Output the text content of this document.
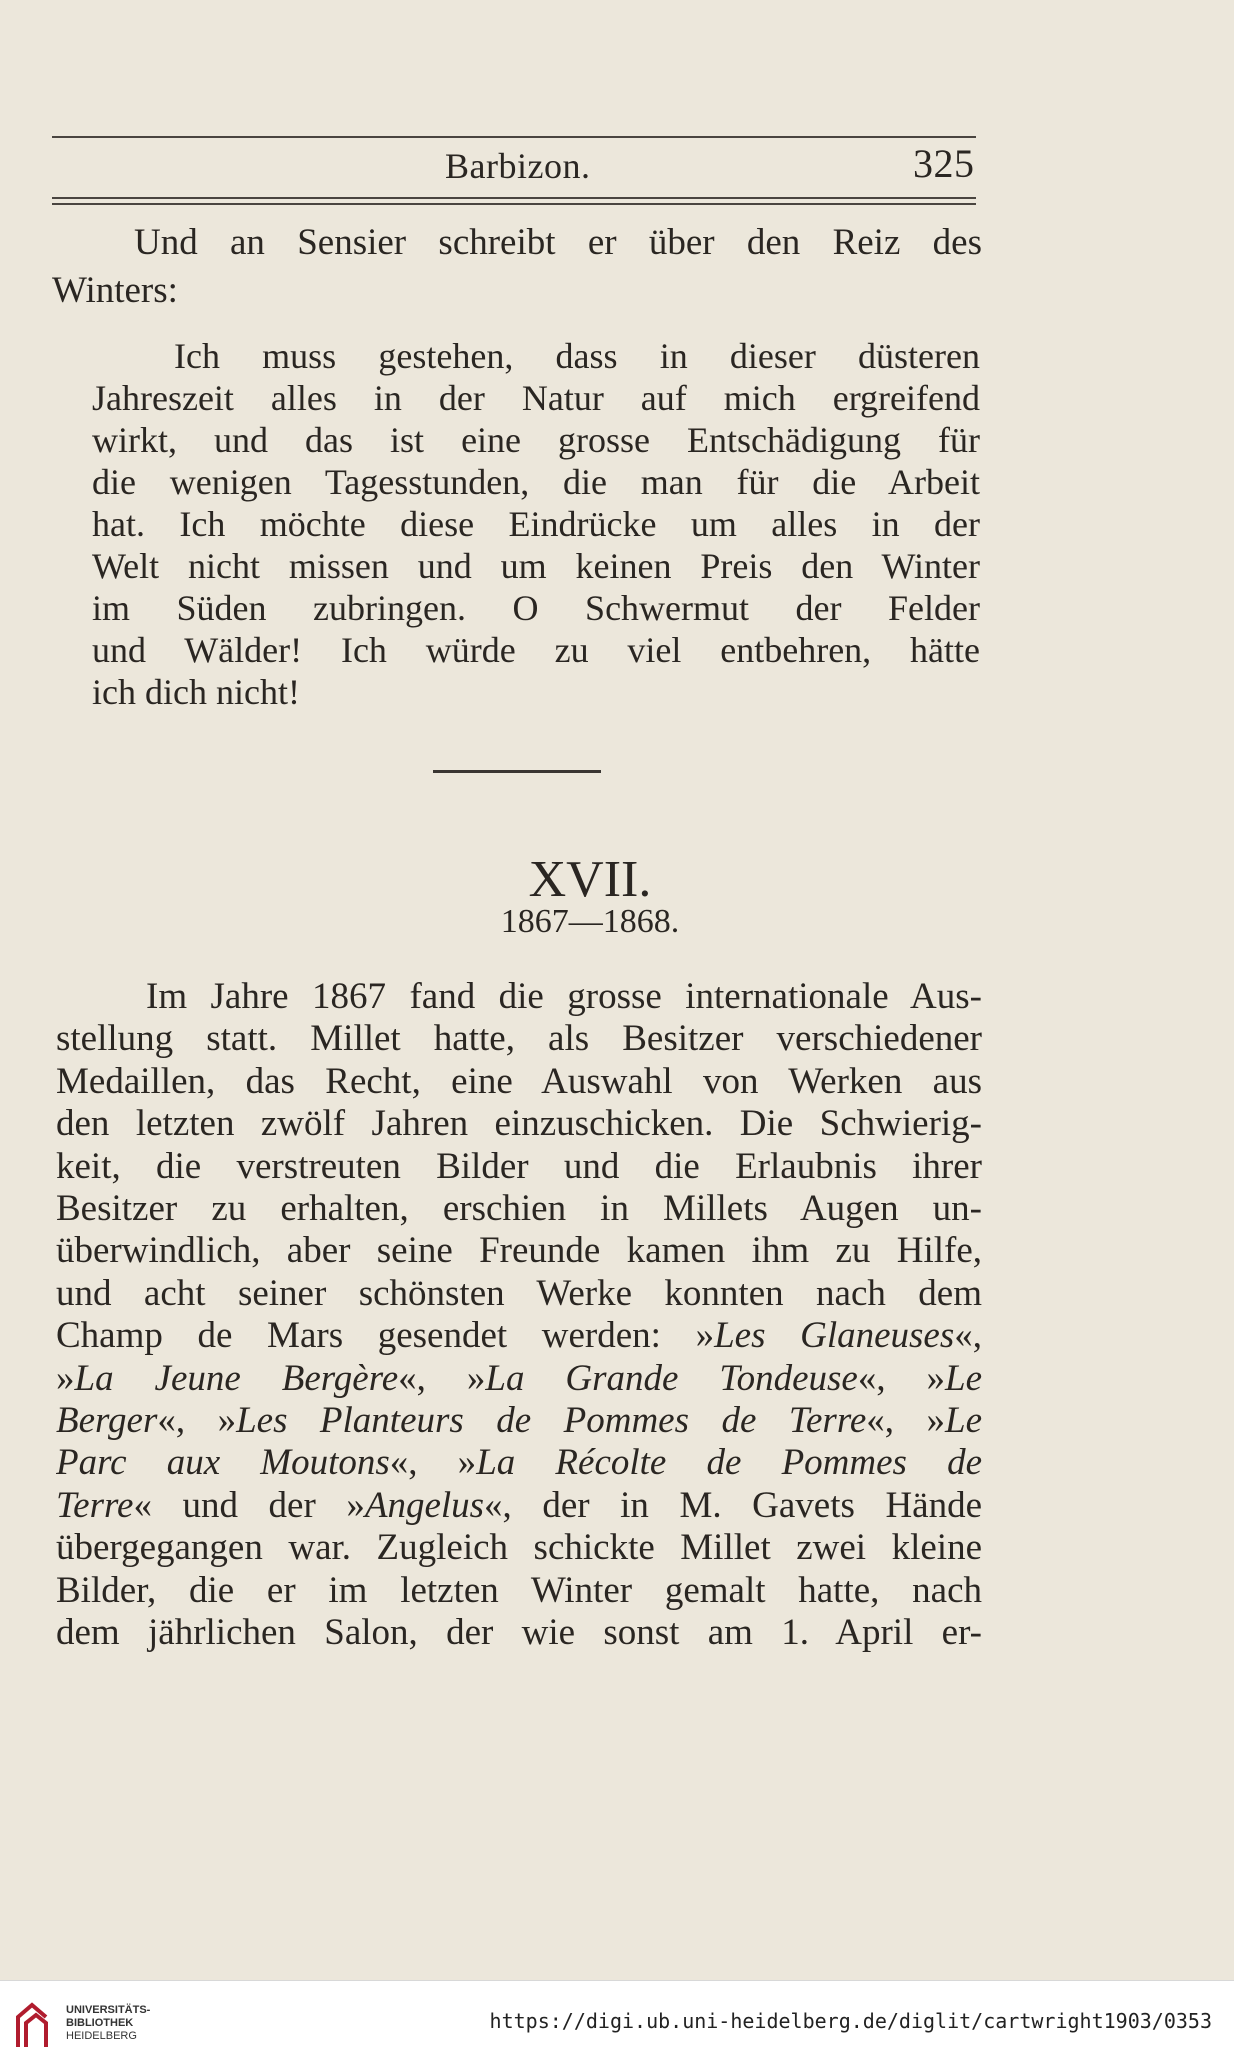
Barbizon.	325
Und an Sensier schreibt er über den Reiz des
Winters:
Ich muss gestehen, dass in dieser düsteren
Jahreszeit alles in der Natur auf mich ergreifend
wirkt, und das ist eine grosse Entschädigung für
die wenigen Tagesstunden, die man für die Arbeit
hat. Ich möchte diese Eindrücke um alles in der
Welt nicht missen und um keinen Preis den Winter
im Süden zubringen. O Schwermut der Felder
und Wälder! Ich würde zu viel entbehren, hätte
ich dich nicht!
XVII.
1867—1868.
Im Jahre 1867 fand die grosse internationale Aus-
stellung statt. Millet hatte, als Besitzer verschiedener
Medaillen, das Recht, eine Auswahl von Werken aus
den letzten zwölf Jahren einzuschicken. Die Schwierig-
keit, die verstreuten Bilder und die Erlaubnis ihrer
Besitzer zu erhalten, erschien in Millets Augen un-
überwindlich, aber seine Freunde kamen ihm zu Hilfe,
und acht seiner schönsten Werke konnten nach dem
Champ de Mars gesendet werden: »Les Glaneuses«,
»La Jeune Bergère«, »La Grande Tondeuse«, »Le
Berger«, »Les Planteurs de Pommes de Terre«, »Le
Parc aux Moutons«, »La Récolte de Pommes de
Terre« und der »Angelus«, der in M. Gavets Hände
übergegangen war. Zugleich schickte Millet zwei kleine
Bilder, die er im letzten Winter gemalt hatte, nach
dem jährlichen Salon, der wie sonst am 1. April er-
UNIVERSITÄTS-
BIBLIOTHEK
HEIDELBERG
https://digi.ub.uni-heidelberg.de/diglit/cartwright1903/0353
